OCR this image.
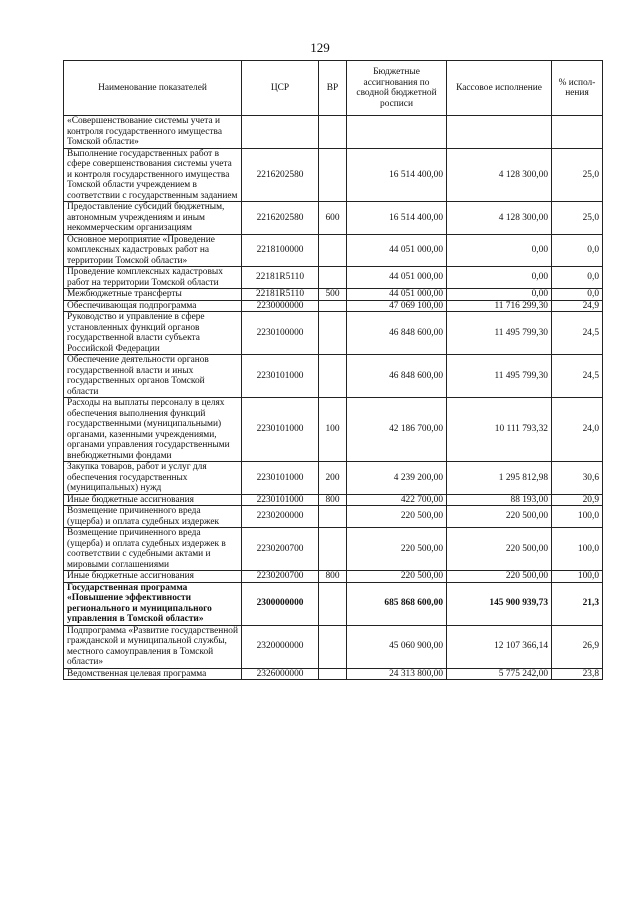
129
Наименование показателей	ЦСР	ВР	Бюджетные ассигнования по сводной бюджетной росписи	Кассовое исполнение	% испол-нения
«Совершенствование системы учета и контроля государственного имущества Томской области»					
Выполнение государственных работ в сфере совершенствования системы учета и контроля государственного имущества Томской области учреждением в соответствии с государственным заданием	2216202580		16 514 400,00	4 128 300,00	25,0
Предоставление субсидий бюджетным, автономным учреждениям и иным некоммерческим организациям	2216202580	600	16 514 400,00	4 128 300,00	25,0
Основное мероприятие «Проведение комплексных кадастровых работ на территории Томской области»	2218100000		44 051 000,00	0,00	0,0
Проведение комплексных кадастровых работ на территории Томской области	22181R5110		44 051 000,00	0,00	0,0
Межбюджетные трансферты	22181R5110	500	44 051 000,00	0,00	0,0
Обеспечивающая подпрограмма	2230000000		47 069 100,00	11 716 299,30	24,9
Руководство и управление в сфере установленных функций органов государственной власти субъекта Российской Федерации	2230100000		46 848 600,00	11 495 799,30	24,5
Обеспечение деятельности органов государственной власти и иных государственных органов Томской области	2230101000		46 848 600,00	11 495 799,30	24,5
Расходы на выплаты персоналу в целях обеспечения выполнения функций государственными (муниципальными) органами, казенными учреждениями, органами управления государственными внебюджетными фондами	2230101000	100	42 186 700,00	10 111 793,32	24,0
Закупка товаров, работ и услуг для обеспечения государственных (муниципальных) нужд	2230101000	200	4 239 200,00	1 295 812,98	30,6
Иные бюджетные ассигнования	2230101000	800	422 700,00	88 193,00	20,9
Возмещение причиненного вреда (ущерба) и оплата судебных издержек	2230200000		220 500,00	220 500,00	100,0
Возмещение причиненного вреда (ущерба) и оплата судебных издержек в соответствии с судебными актами и мировыми соглашениями	2230200700		220 500,00	220 500,00	100,0
Иные бюджетные ассигнования	2230200700	800	220 500,00	220 500,00	100,0
Государственная программа «Повышение эффективности регионального и муниципального управления в Томской области»	2300000000		685 868 600,00	145 900 939,73	21,3
Подпрограмма «Развитие государственной гражданской и муниципальной службы, местного самоуправления в Томской области»	2320000000		45 060 900,00	12 107 366,14	26,9
Ведомственная целевая программа	2326000000		24 313 800,00	5 775 242,00	23,8
